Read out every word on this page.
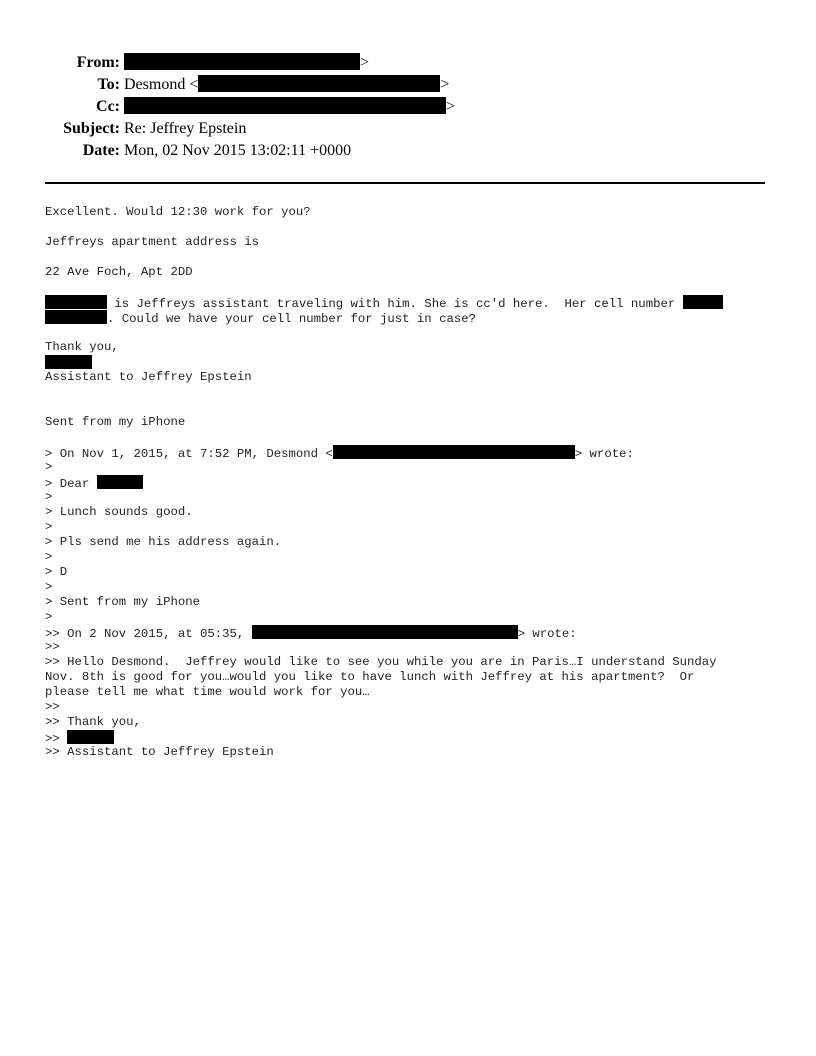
From:	>
To: Desmond <	>
Cc:	>
Subject: Re: Jeffrey Epstein
Date: Mon, 02 Nov 2015 13:02:11 +0000
Excellent. Would 12:30 work for you?
Jeffreys apartment address is
22 Ave Foch, Apt 2DD
is Jeffreys assistant traveling with him. She is cc'd here.  Her cell number
. Could we have your cell number for just in case?
Thank you,
Assistant to Jeffrey Epstein
Sent from my iPhone
> On Nov 1, 2015, at 7:52 PM, Desmond <	> wrote:
>
> Dear
>
> Lunch sounds good.
>
> Pls send me his address again.
>
> D
>
> Sent from my iPhone
>
>> On 2 Nov 2015, at 05:35,	> wrote:
>>
>> Hello Desmond.  Jeffrey would like to see you while you are in Paris…I understand Sunday
Nov. 8th is good for you…would you like to have lunch with Jeffrey at his apartment?  Or
please tell me what time would work for you…
>>
>> Thank you,
>>
>> Assistant to Jeffrey Epstein
